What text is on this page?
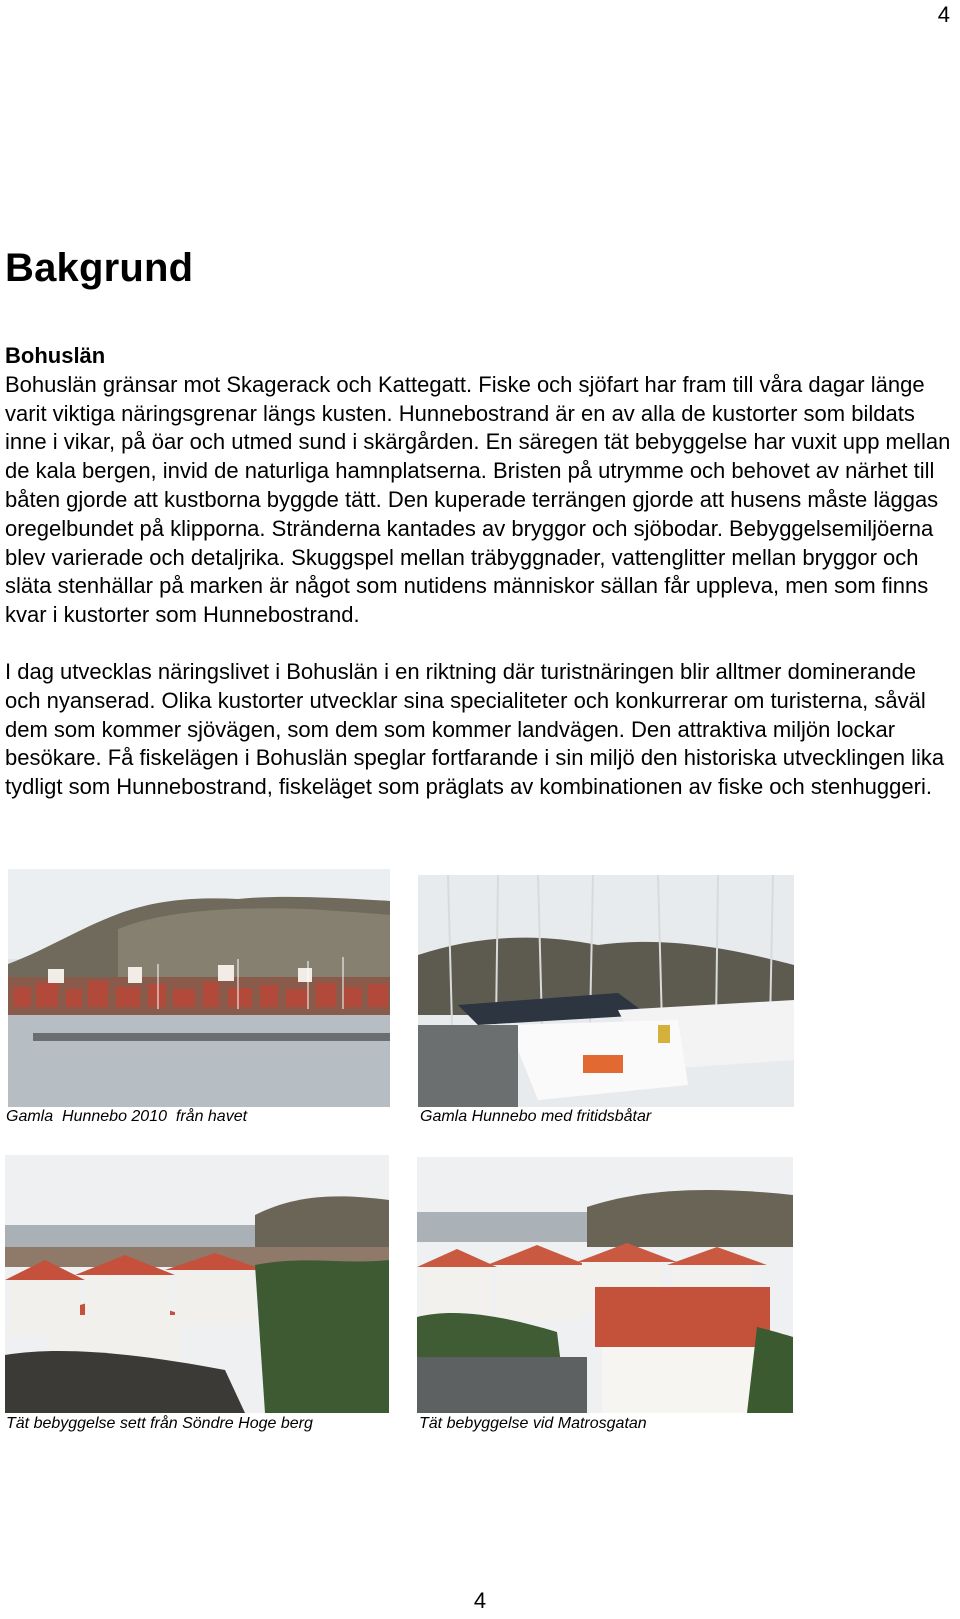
4
Bakgrund
Bohuslän

Bohuslän gränsar mot Skagerack och Kattegatt. Fiske och sjöfart har fram till våra dagar länge varit viktiga näringsgrenar längs kusten. Hunnebostrand är en av alla de kustorter som bildats inne i vikar, på öar och utmed sund i skärgården. En säregen tät bebyggelse har vuxit upp mellan de kala bergen, invid de naturliga hamnplatserna. Bristen på utrymme och behovet av närhet till båten gjorde att kustborna byggde tätt. Den kuperade terrängen gjorde att husens måste läggas oregelbundet på klipporna. Stränderna kantades av bryggor och sjöbodar. Bebyggelsemiljöerna blev varierade och detaljrika. Skuggspel mellan träbyggnader, vattenglitter mellan bryggor och släta stenhällar på marken är något som nutidens människor sällan får uppleva, men som finns kvar i kustorter som Hunnebostrand.

I dag utvecklas näringslivet i Bohuslän i en riktning där turistnäringen blir alltmer dominerande och nyanserad. Olika kustorter utvecklar sina specialiteter och konkurrerar om turisterna, såväl dem som kommer sjövägen, som dem som kommer landvägen. Den attraktiva miljön lockar besökare. Få fiskelägen i Bohuslän speglar fortfarande i sin miljö den historiska utvecklingen lika tydligt som Hunnebostrand, fiskeläget som präglats av kombinationen av fiske och stenhuggeri.

Gamla  Hunnebo 2010  från havet	Gamla Hunnebo med fritidsbåtar
Tät bebyggelse sett från Söndre Hoge berg	Tät bebyggelse vid Matrosgatan
4
